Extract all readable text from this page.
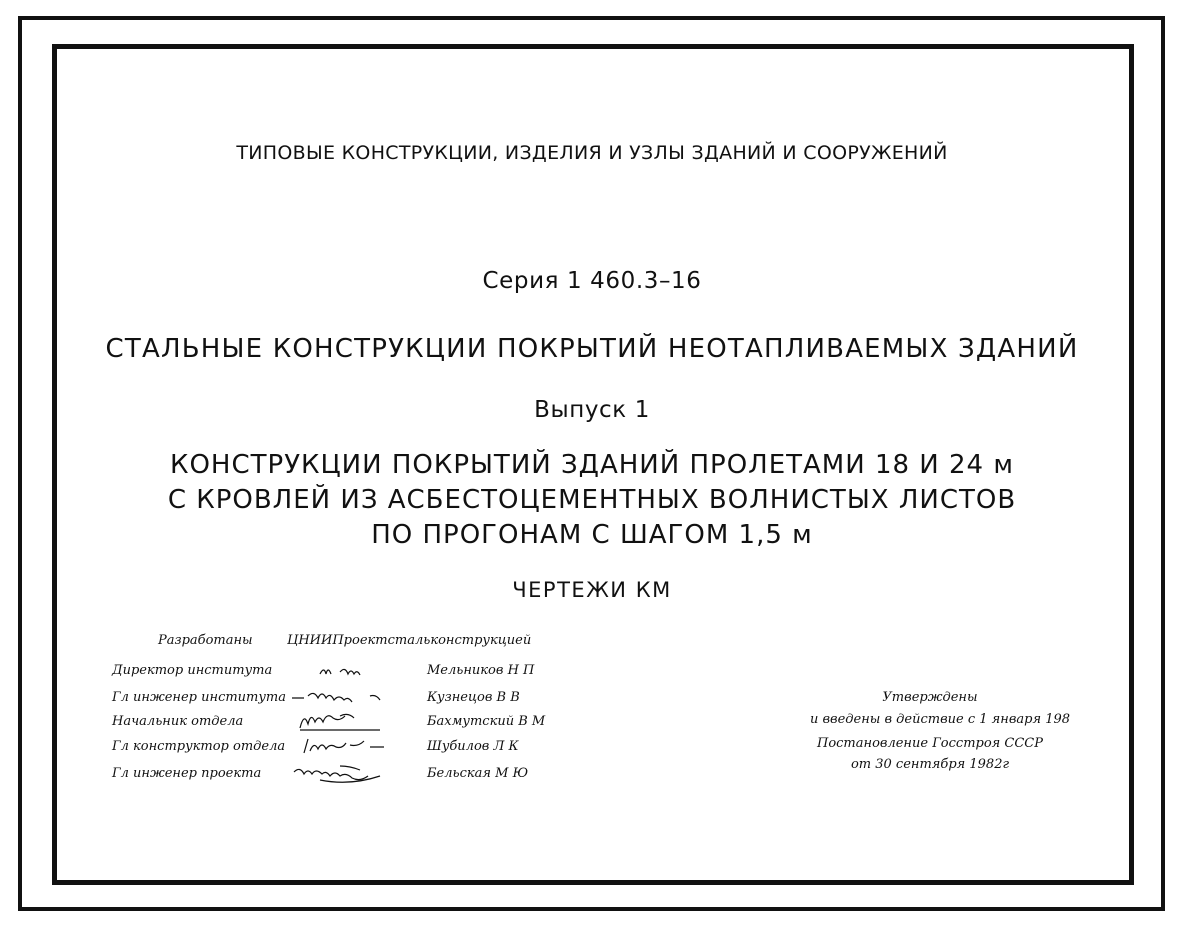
ТИПОВЫЕ КОНСТРУКЦИИ, ИЗДЕЛИЯ И УЗЛЫ ЗДАНИЙ И СООРУЖЕНИЙ
Серия 1 460.3–16
СТАЛЬНЫЕ КОНСТРУКЦИИ ПОКРЫТИЙ НЕОТАПЛИВАЕМЫХ ЗДАНИЙ
Выпуск 1
КОНСТРУКЦИИ ПОКРЫТИЙ ЗДАНИЙ ПРОЛЕТАМИ 18 И 24 м
С КРОВЛЕЙ ИЗ АСБЕСТОЦЕМЕНТНЫХ ВОЛНИСТЫХ ЛИСТОВ
ПО ПРОГОНАМ С ШАГОМ 1,5 м
ЧЕРТЕЖИ КМ
Разработаны	ЦНИИПроектстальконструкцией
Директор института	Мельников Н П
Гл инженер института	Кузнецов В В
Начальник отдела	Бахмутский В М
Гл конструктор отдела	Шубилов Л К
Гл инженер проекта	Бельская М Ю
Утверждены
и введены в действие с 1 января 198
Постановление Госстроя СССР
от 30 сентября 1982г
